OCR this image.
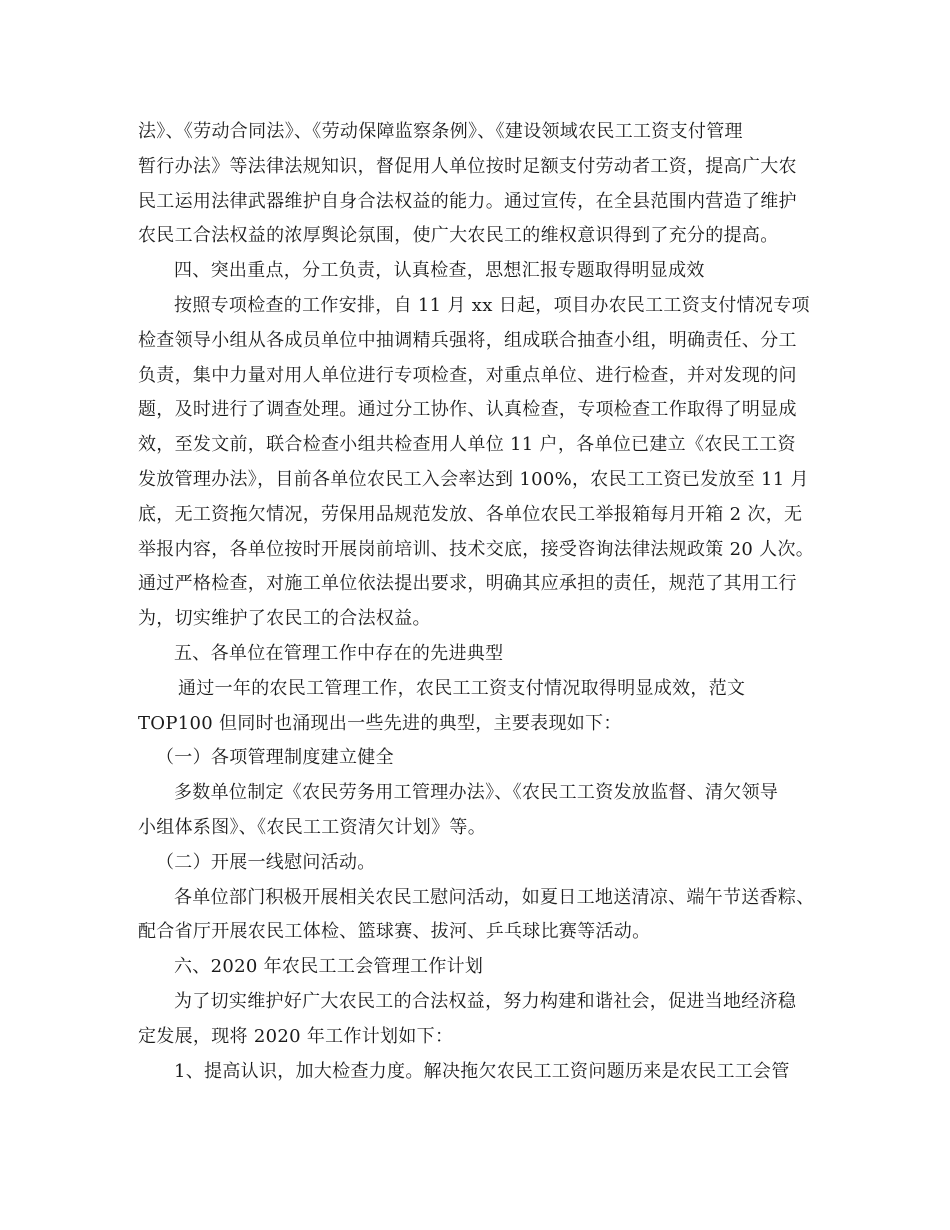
法》、《劳动合同法》、《劳动保障监察条例》、《建设领域农民工工资支付管理
暂行办法》等法律法规知识，督促用人单位按时足额支付劳动者工资，提高广大农
民工运用法律武器维护自身合法权益的能力。通过宣传，在全县范围内营造了维护
农民工合法权益的浓厚舆论氛围，使广大农民工的维权意识得到了充分的提高。
四、突出重点，分工负责，认真检查，思想汇报专题取得明显成效
按照专项检查的工作安排，自 11 月 xx 日起，项目办农民工工资支付情况专项
检查领导小组从各成员单位中抽调精兵强将，组成联合抽查小组，明确责任、分工
负责，集中力量对用人单位进行专项检查，对重点单位、进行检查，并对发现的问
题，及时进行了调查处理。通过分工协作、认真检查，专项检查工作取得了明显成
效，至发文前，联合检查小组共检查用人单位 11 户，各单位已建立《农民工工资
发放管理办法》，目前各单位农民工入会率达到 100%，农民工工资已发放至 11 月
底，无工资拖欠情况，劳保用品规范发放、各单位农民工举报箱每月开箱 2 次，无
举报内容，各单位按时开展岗前培训、技术交底，接受咨询法律法规政策 20 人次。
通过严格检查，对施工单位依法提出要求，明确其应承担的责任，规范了其用工行
为，切实维护了农民工的合法权益。
五、各单位在管理工作中存在的先进典型
通过一年的农民工管理工作，农民工工资支付情况取得明显成效，范文
TOP100 但同时也涌现出一些先进的典型，主要表现如下：
（一）各项管理制度建立健全
多数单位制定《农民劳务用工管理办法》、《农民工工资发放监督、清欠领导
小组体系图》、《农民工工资清欠计划》等。
（二）开展一线慰问活动。
各单位部门积极开展相关农民工慰问活动，如夏日工地送清凉、端午节送香粽、
配合省厅开展农民工体检、篮球赛、拔河、乒乓球比赛等活动。
六、2020 年农民工工会管理工作计划
为了切实维护好广大农民工的合法权益，努力构建和谐社会，促进当地经济稳
定发展，现将 2020 年工作计划如下：
1、提高认识，加大检查力度。解决拖欠农民工工资问题历来是农民工工会管
